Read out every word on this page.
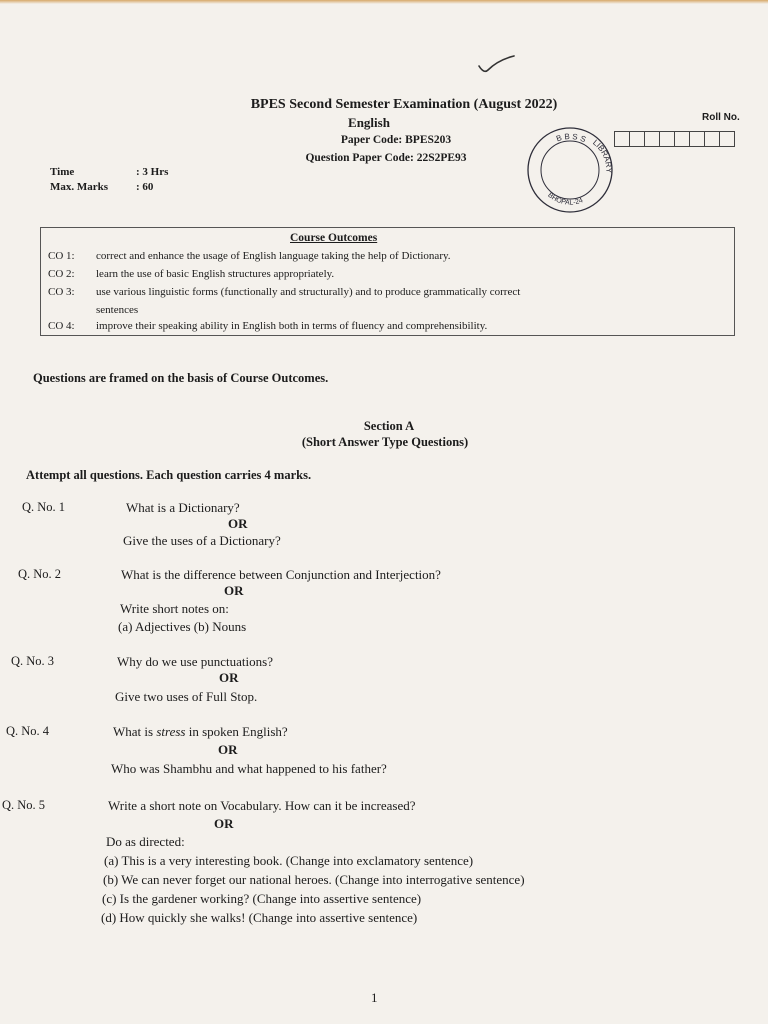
BPES Second Semester Examination (August 2022)
English
Paper Code: BPES203
Question Paper Code: 22S2PE93
Roll No.
B B S S LIBRARY
BHOPAL-24
Time	: 3 Hrs
Max. Marks	: 60
Course Outcomes
CO 1: correct and enhance the usage of English language taking the help of Dictionary.
CO 2: learn the use of basic English structures appropriately.
CO 3: use various linguistic forms (functionally and structurally) and to produce grammatically correct
sentences
CO 4: improve their speaking ability in English both in terms of fluency and comprehensibility.
Questions are framed on the basis of Course Outcomes.
Section A
(Short Answer Type Questions)
Attempt all questions. Each question carries 4 marks.
Q. No. 1	What is a Dictionary?
OR
Give the uses of a Dictionary?
Q. No. 2	What is the difference between Conjunction and Interjection?
OR
Write short notes on:
(a) Adjectives (b) Nouns
Q. No. 3	Why do we use punctuations?
OR
Give two uses of Full Stop.
Q. No. 4	What is stress in spoken English?
OR
Who was Shambhu and what happened to his father?
Q. No. 5	Write a short note on Vocabulary. How can it be increased?
OR
Do as directed:
(a) This is a very interesting book. (Change into exclamatory sentence)
(b) We can never forget our national heroes. (Change into interrogative sentence)
(c) Is the gardener working? (Change into assertive sentence)
(d) How quickly she walks! (Change into assertive sentence)
1
